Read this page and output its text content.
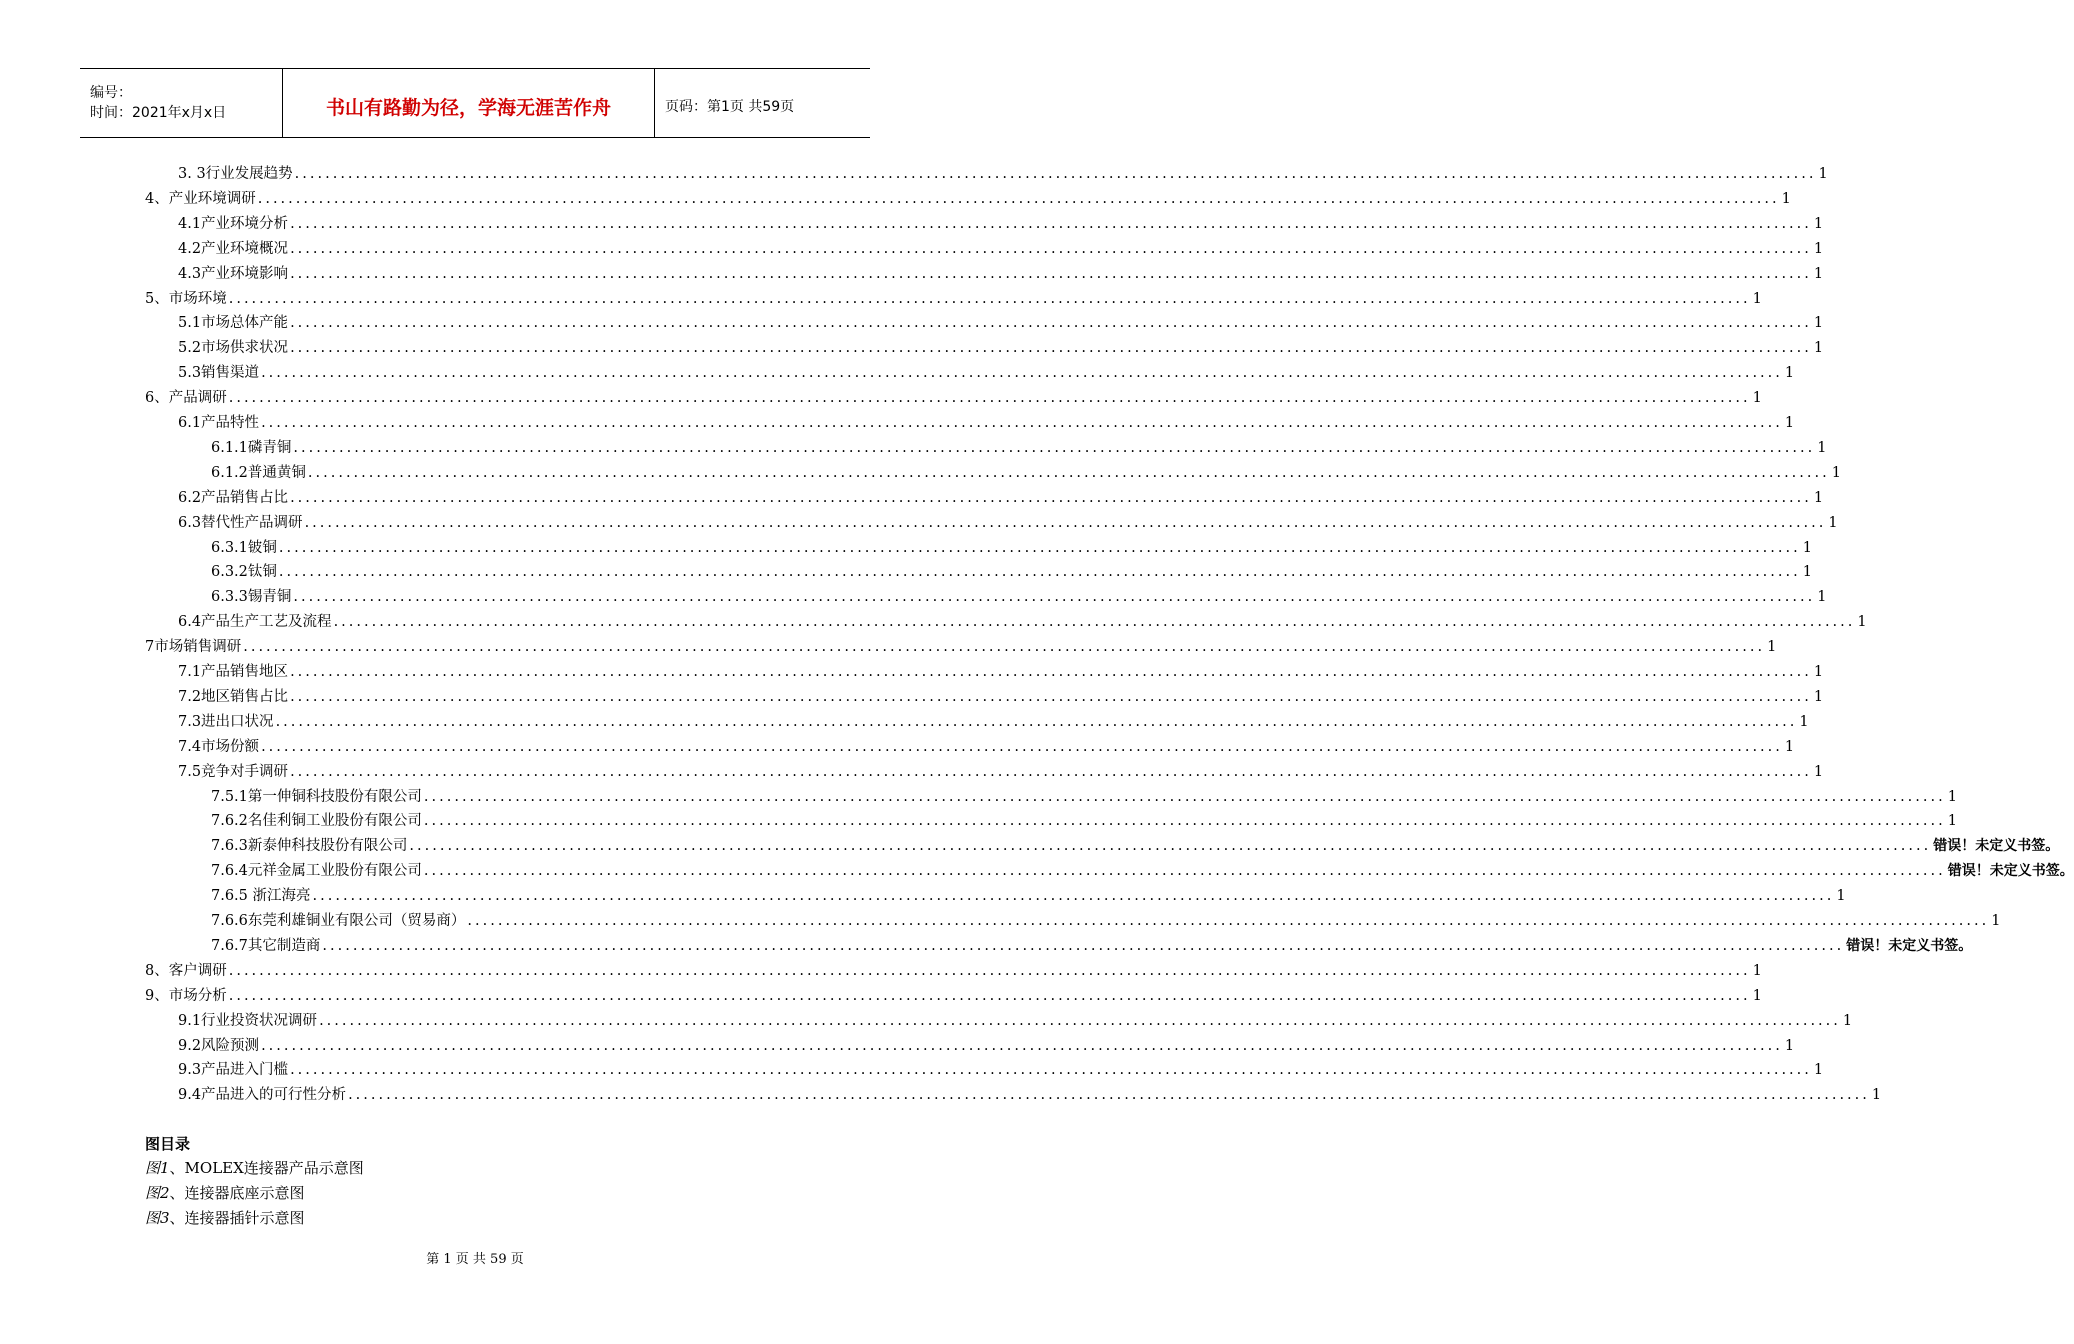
编号：
时间：2021年x月x日	书山有路勤为径，学海无涯苦作舟	页码：第1页 共59页
3. 3行业发展趋势 ........................................................................................................................................................................................................ 1
4、产业环境调研 ........................................................................................................................................................................................................ 1
4.1产业环境分析 ........................................................................................................................................................................................................ 1
4.2产业环境概况 ........................................................................................................................................................................................................ 1
4.3产业环境影响 ........................................................................................................................................................................................................ 1
5、市场环境 ........................................................................................................................................................................................................ 1
5.1市场总体产能 ........................................................................................................................................................................................................ 1
5.2市场供求状况 ........................................................................................................................................................................................................ 1
5.3销售渠道 ........................................................................................................................................................................................................ 1
6、产品调研 ........................................................................................................................................................................................................ 1
6.1产品特性 ........................................................................................................................................................................................................ 1
6.1.1磷青铜 ........................................................................................................................................................................................................ 1
6.1.2普通黄铜 ........................................................................................................................................................................................................ 1
6.2产品销售占比 ........................................................................................................................................................................................................ 1
6.3替代性产品调研 ........................................................................................................................................................................................................ 1
6.3.1铍铜 ........................................................................................................................................................................................................ 1
6.3.2钛铜 ........................................................................................................................................................................................................ 1
6.3.3锡青铜 ........................................................................................................................................................................................................ 1
6.4产品生产工艺及流程 ........................................................................................................................................................................................................ 1
7市场销售调研 ........................................................................................................................................................................................................ 1
7.1产品销售地区 ........................................................................................................................................................................................................ 1
7.2地区销售占比 ........................................................................................................................................................................................................ 1
7.3进出口状况 ........................................................................................................................................................................................................ 1
7.4市场份额 ........................................................................................................................................................................................................ 1
7.5竞争对手调研 ........................................................................................................................................................................................................ 1
7.5.1第一伸铜科技股份有限公司 ........................................................................................................................................................................................................ 1
7.6.2名佳利铜工业股份有限公司 ........................................................................................................................................................................................................ 1
7.6.3新泰伸科技股份有限公司 ........................................................................................................................................................................................................ 错误！未定义书签。
7.6.4元祥金属工业股份有限公司 ........................................................................................................................................................................................................ 错误！未定义书签。
7.6.5 浙江海亮 ........................................................................................................................................................................................................ 1
7.6.6东莞利雄铜业有限公司（贸易商） ........................................................................................................................................................................................................ 1
7.6.7其它制造商 ........................................................................................................................................................................................................ 错误！未定义书签。
8、客户调研 ........................................................................................................................................................................................................ 1
9、市场分析 ........................................................................................................................................................................................................ 1
9.1行业投资状况调研 ........................................................................................................................................................................................................ 1
9.2风险预测 ........................................................................................................................................................................................................ 1
9.3产品进入门槛 ........................................................................................................................................................................................................ 1
9.4产品进入的可行性分析 ........................................................................................................................................................................................................ 1
图目录
图1、MOLEX连接器产品示意图
图2、连接器底座示意图
图3、连接器插针示意图
第 1 页 共 59 页
